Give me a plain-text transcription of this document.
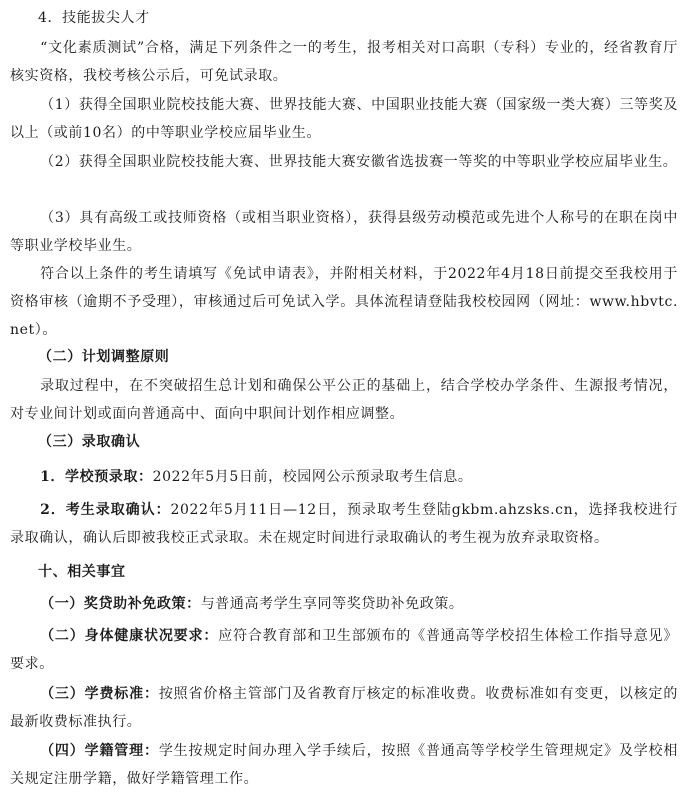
4．技能拔尖人才
“文化素质测试”合格，满足下列条件之一的考生，报考相关对口高职（专科）专业的，经省教育厅核实资格，我校考核公示后，可免试录取。
（1）获得全国职业院校技能大赛、世界技能大赛、中国职业技能大赛（国家级一类大赛）三等奖及以上（或前10名）的中等职业学校应届毕业生。
（2）获得全国职业院校技能大赛、世界技能大赛安徽省选拔赛一等奖的中等职业学校应届毕业生。
（3）具有高级工或技师资格（或相当职业资格），获得县级劳动模范或先进个人称号的在职在岗中等职业学校毕业生。
符合以上条件的考生请填写《免试申请表》，并附相关材料，于2022年4月18日前提交至我校用于资格审核（逾期不予受理），审核通过后可免试入学。具体流程请登陆我校校园网（网址：www.hbvtc.net）。
（二）计划调整原则
录取过程中，在不突破招生总计划和确保公平公正的基础上，结合学校办学条件、生源报考情况，对专业间计划或面向普通高中、面向中职间计划作相应调整。
（三）录取确认
1．学校预录取：2022年5月5日前，校园网公示预录取考生信息。
2．考生录取确认：2022年5月11日—12日，预录取考生登陆gkbm.ahzsks.cn，选择我校进行录取确认，确认后即被我校正式录取。未在规定时间进行录取确认的考生视为放弃录取资格。
十、相关事宜
（一）奖贷助补免政策：与普通高考学生享同等奖贷助补免政策。
（二）身体健康状况要求：应符合教育部和卫生部颁布的《普通高等学校招生体检工作指导意见》要求。
（三）学费标准：按照省价格主管部门及省教育厅核定的标准收费。收费标准如有变更，以核定的最新收费标准执行。
（四）学籍管理：学生按规定时间办理入学手续后，按照《普通高等学校学生管理规定》及学校相关规定注册学籍，做好学籍管理工作。
